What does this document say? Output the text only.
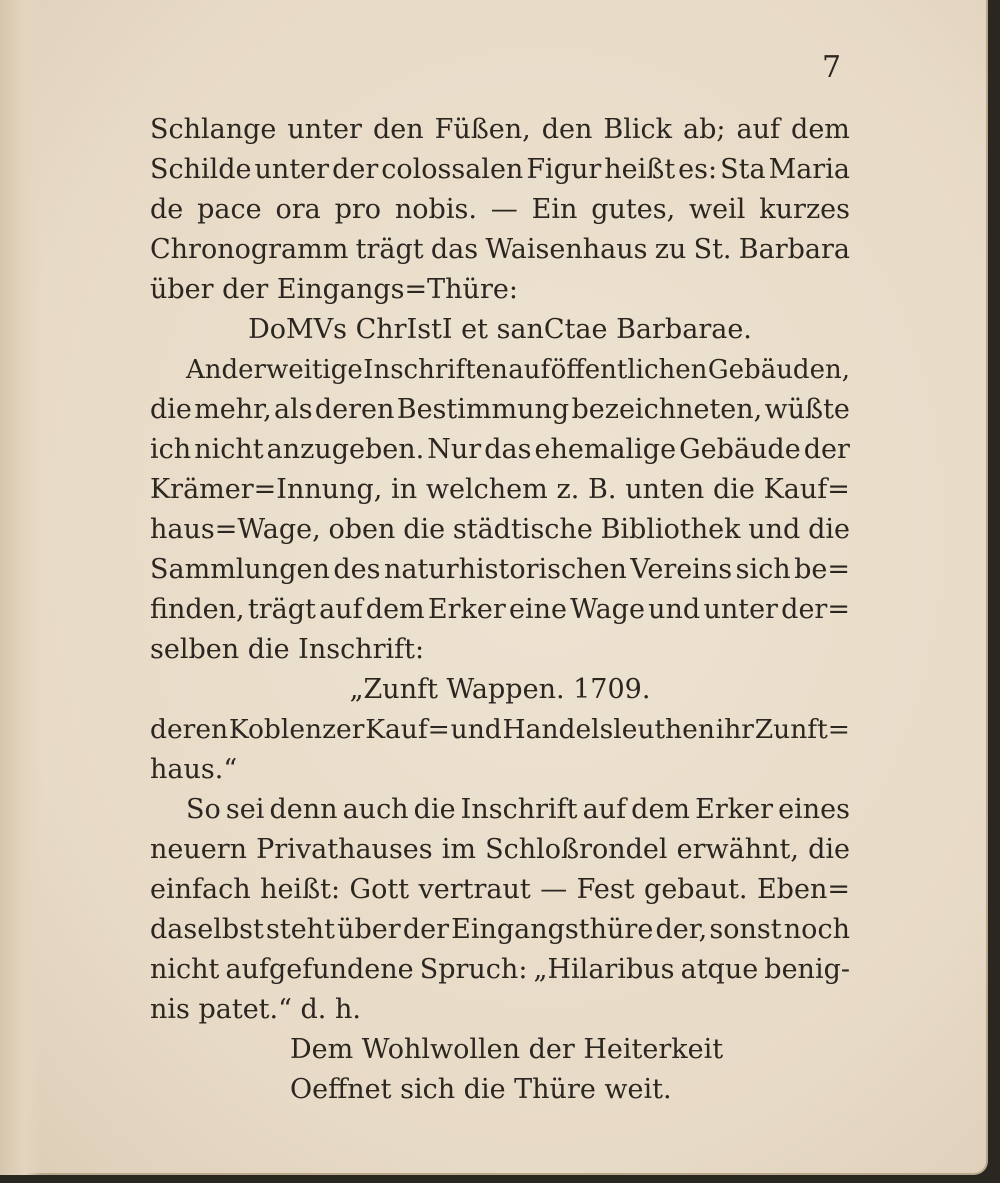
7
Schlange unter den Füßen, den Blick ab; auf dem
Schilde unter der colossalen Figur heißt es: Sta Maria
de pace ora pro nobis. — Ein gutes, weil kurzes
Chronogramm trägt das Waisenhaus zu St. Barbara
über der Eingangs=Thüre:
DoMVs ChrIstI et sanCtae Barbarae.
Anderweitige Inschriften auf öffentlichen Gebäuden,
die mehr, als deren Bestimmung bezeichneten, wüßte
ich nicht anzugeben. Nur das ehemalige Gebäude der
Krämer=Innung, in welchem z. B. unten die Kauf=
haus=Wage, oben die städtische Bibliothek und die
Sammlungen des naturhistorischen Vereins sich be=
finden, trägt auf dem Erker eine Wage und unter der=
selben die Inschrift:
„Zunft Wappen. 1709.
deren Koblenzer Kauf= und Handelsleuthen ihr Zunft=
haus.“
So sei denn auch die Inschrift auf dem Erker eines
neuern Privathauses im Schloßrondel erwähnt, die
einfach heißt: Gott vertraut — Fest gebaut. Eben=
daselbst steht über der Eingangsthüre der, sonst noch
nicht aufgefundene Spruch: „Hilaribus atque benig-
nis patet.“ d. h.
Dem Wohlwollen der Heiterkeit
Oeffnet sich die Thüre weit.
